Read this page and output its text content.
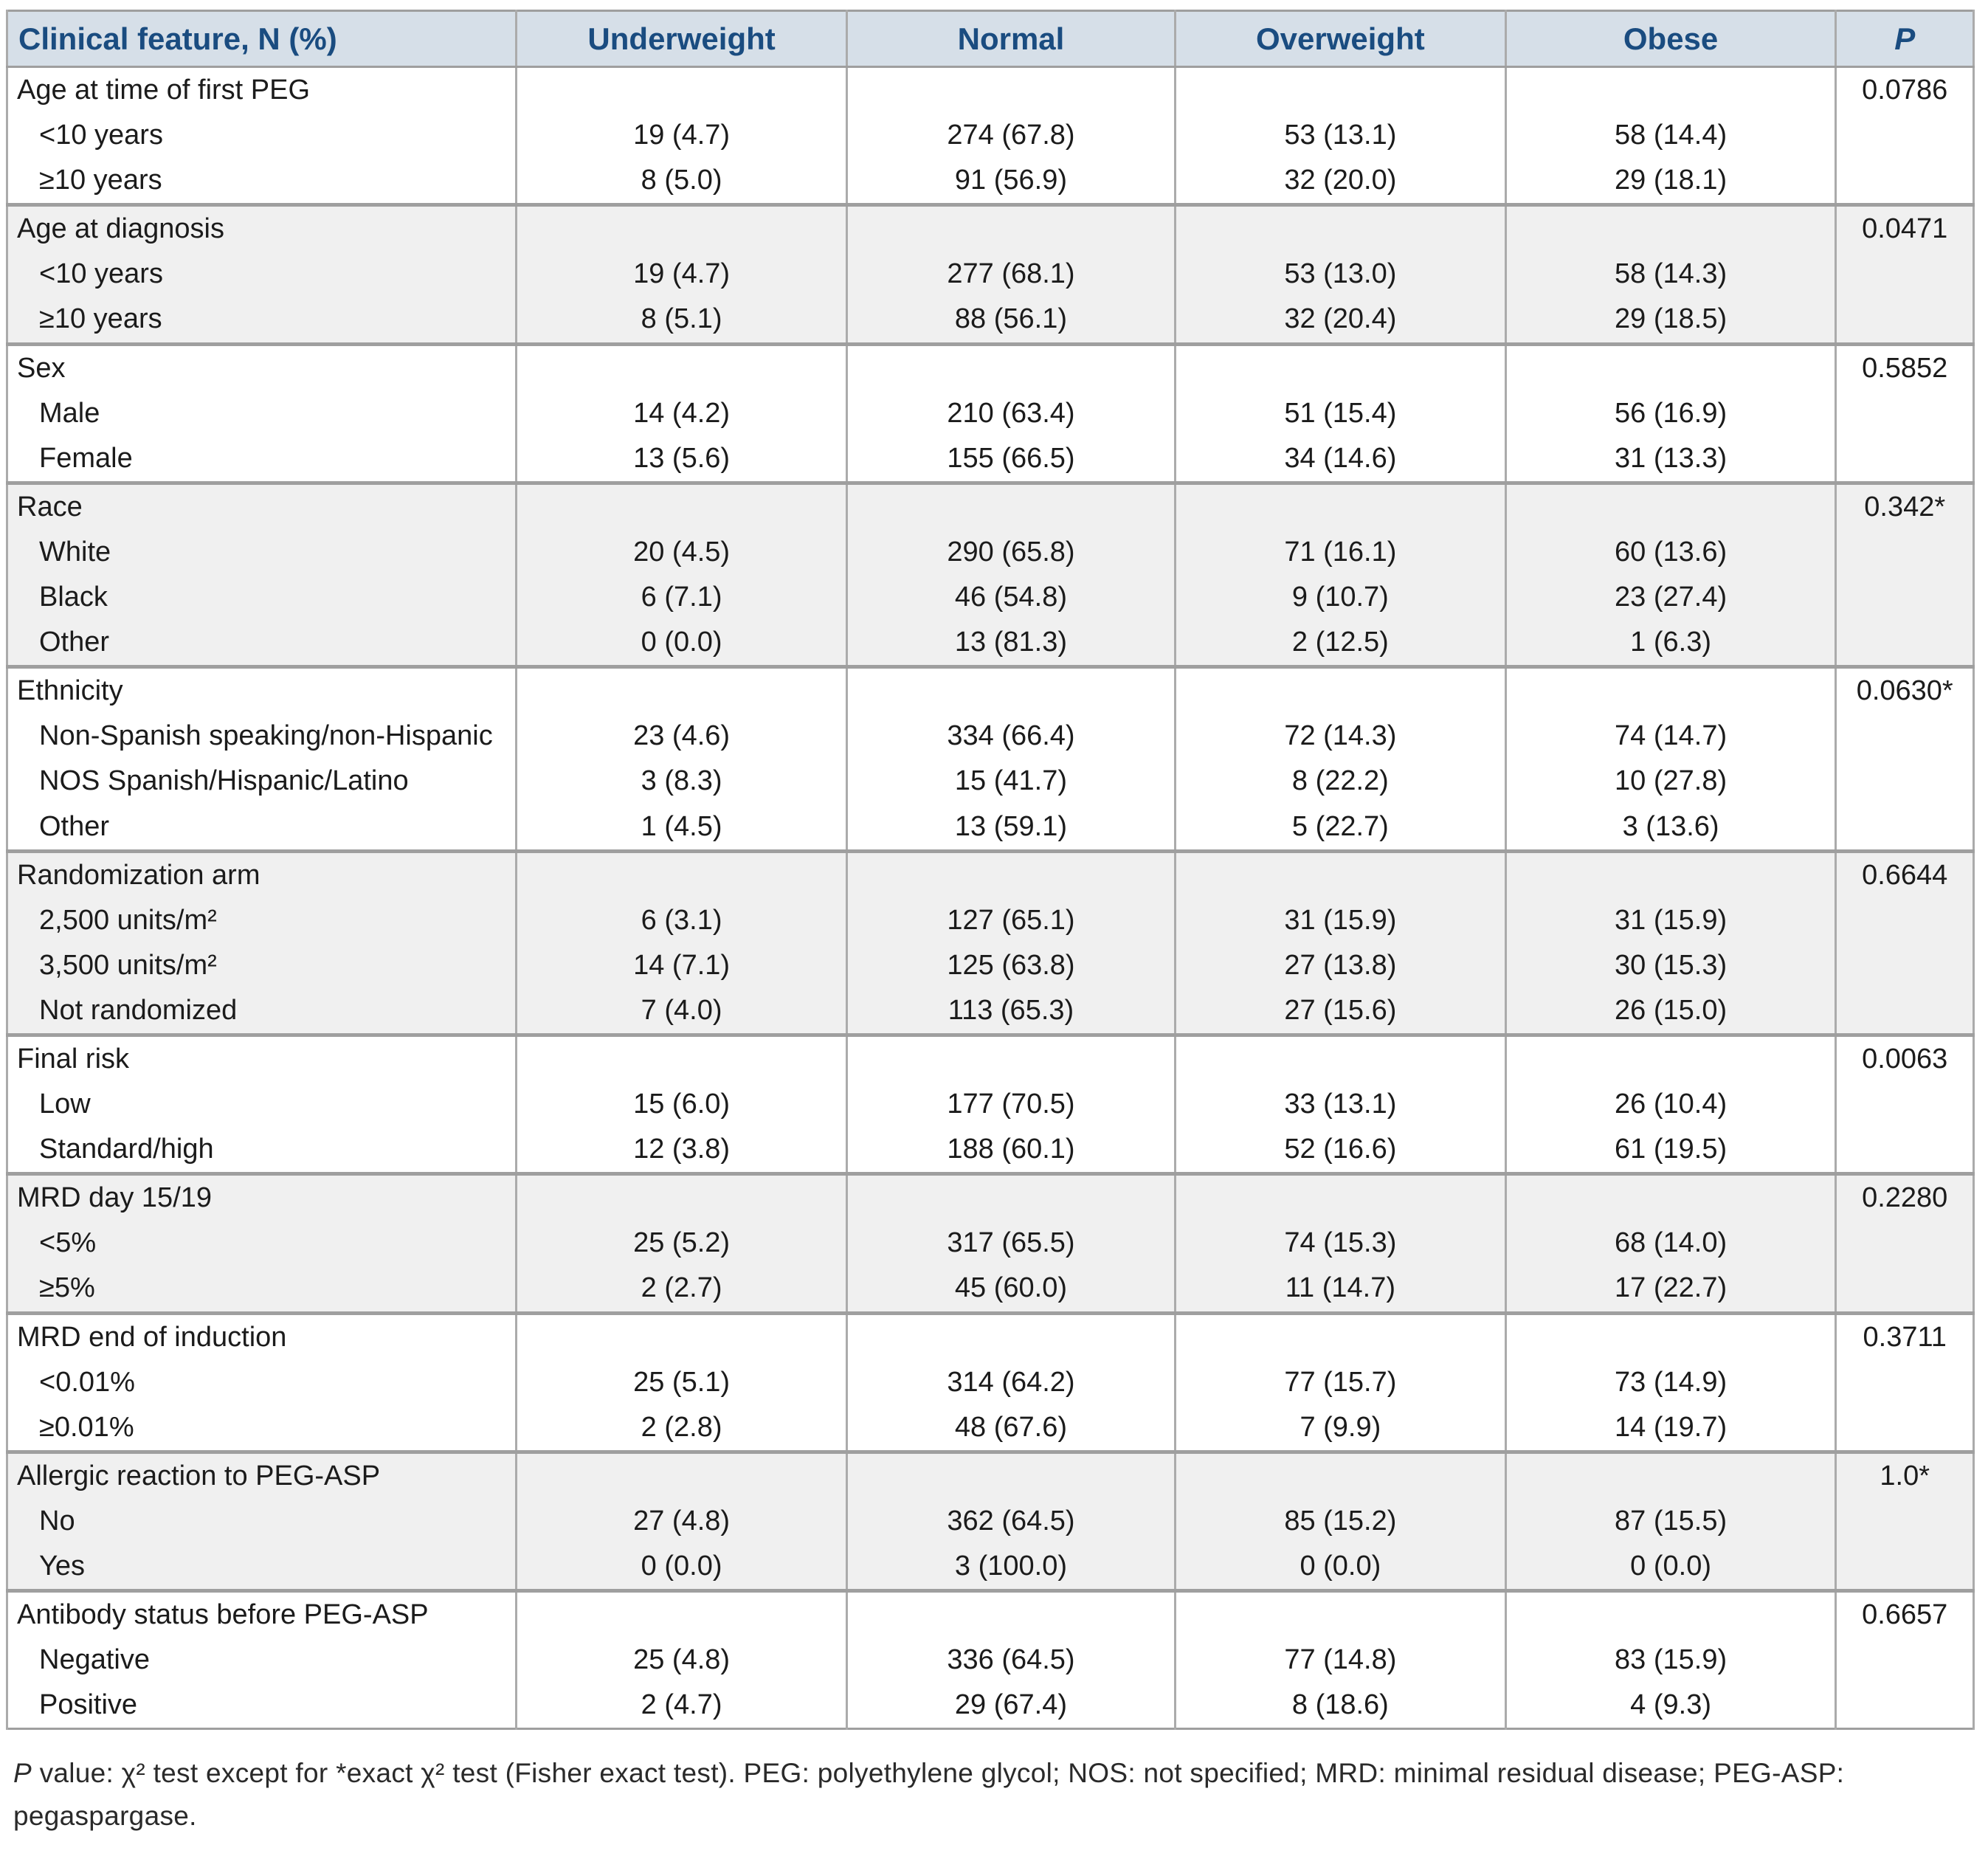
Clinical feature, N (%)	Underweight	Normal	Overweight	Obese	P
Age at time of first PEG					0.0786
<10 years	19 (4.7)	274 (67.8)	53 (13.1)	58 (14.4)	
≥10 years	8 (5.0)	91 (56.9)	32 (20.0)	29 (18.1)	
Age at diagnosis					0.0471
<10 years	19 (4.7)	277 (68.1)	53 (13.0)	58 (14.3)	
≥10 years	8 (5.1)	88 (56.1)	32 (20.4)	29 (18.5)	
Sex					0.5852
Male	14 (4.2)	210 (63.4)	51 (15.4)	56 (16.9)	
Female	13 (5.6)	155 (66.5)	34 (14.6)	31 (13.3)	
Race					0.342*
White	20 (4.5)	290 (65.8)	71 (16.1)	60 (13.6)	
Black	6 (7.1)	46 (54.8)	9 (10.7)	23 (27.4)	
Other	0 (0.0)	13 (81.3)	2 (12.5)	1 (6.3)	
Ethnicity					0.0630*
Non-Spanish speaking/non-Hispanic	23 (4.6)	334 (66.4)	72 (14.3)	74 (14.7)	
NOS Spanish/Hispanic/Latino	3 (8.3)	15 (41.7)	8 (22.2)	10 (27.8)	
Other	1 (4.5)	13 (59.1)	5 (22.7)	3 (13.6)	
Randomization arm					0.6644
2,500 units/m²	6 (3.1)	127 (65.1)	31 (15.9)	31 (15.9)	
3,500 units/m²	14 (7.1)	125 (63.8)	27 (13.8)	30 (15.3)	
Not randomized	7 (4.0)	113 (65.3)	27 (15.6)	26 (15.0)	
Final risk					0.0063
Low	15 (6.0)	177 (70.5)	33 (13.1)	26 (10.4)	
Standard/high	12 (3.8)	188 (60.1)	52 (16.6)	61 (19.5)	
MRD day 15/19					0.2280
<5%	25 (5.2)	317 (65.5)	74 (15.3)	68 (14.0)	
≥5%	2 (2.7)	45 (60.0)	11 (14.7)	17 (22.7)	
MRD end of induction					0.3711
<0.01%	25 (5.1)	314 (64.2)	77 (15.7)	73 (14.9)	
≥0.01%	2 (2.8)	48 (67.6)	7 (9.9)	14 (19.7)	
Allergic reaction to PEG-ASP					1.0*
No	27 (4.8)	362 (64.5)	85 (15.2)	87 (15.5)	
Yes	0 (0.0)	3 (100.0)	0 (0.0)	0 (0.0)	
Antibody status before PEG-ASP					0.6657
Negative	25 (4.8)	336 (64.5)	77 (14.8)	83 (15.9)	
Positive	2 (4.7)	29 (67.4)	8 (18.6)	4 (9.3)	

P value: χ² test except for *exact χ² test (Fisher exact test). PEG: polyethylene glycol; NOS: not specified; MRD: minimal residual disease; PEG-ASP: pegaspargase.
